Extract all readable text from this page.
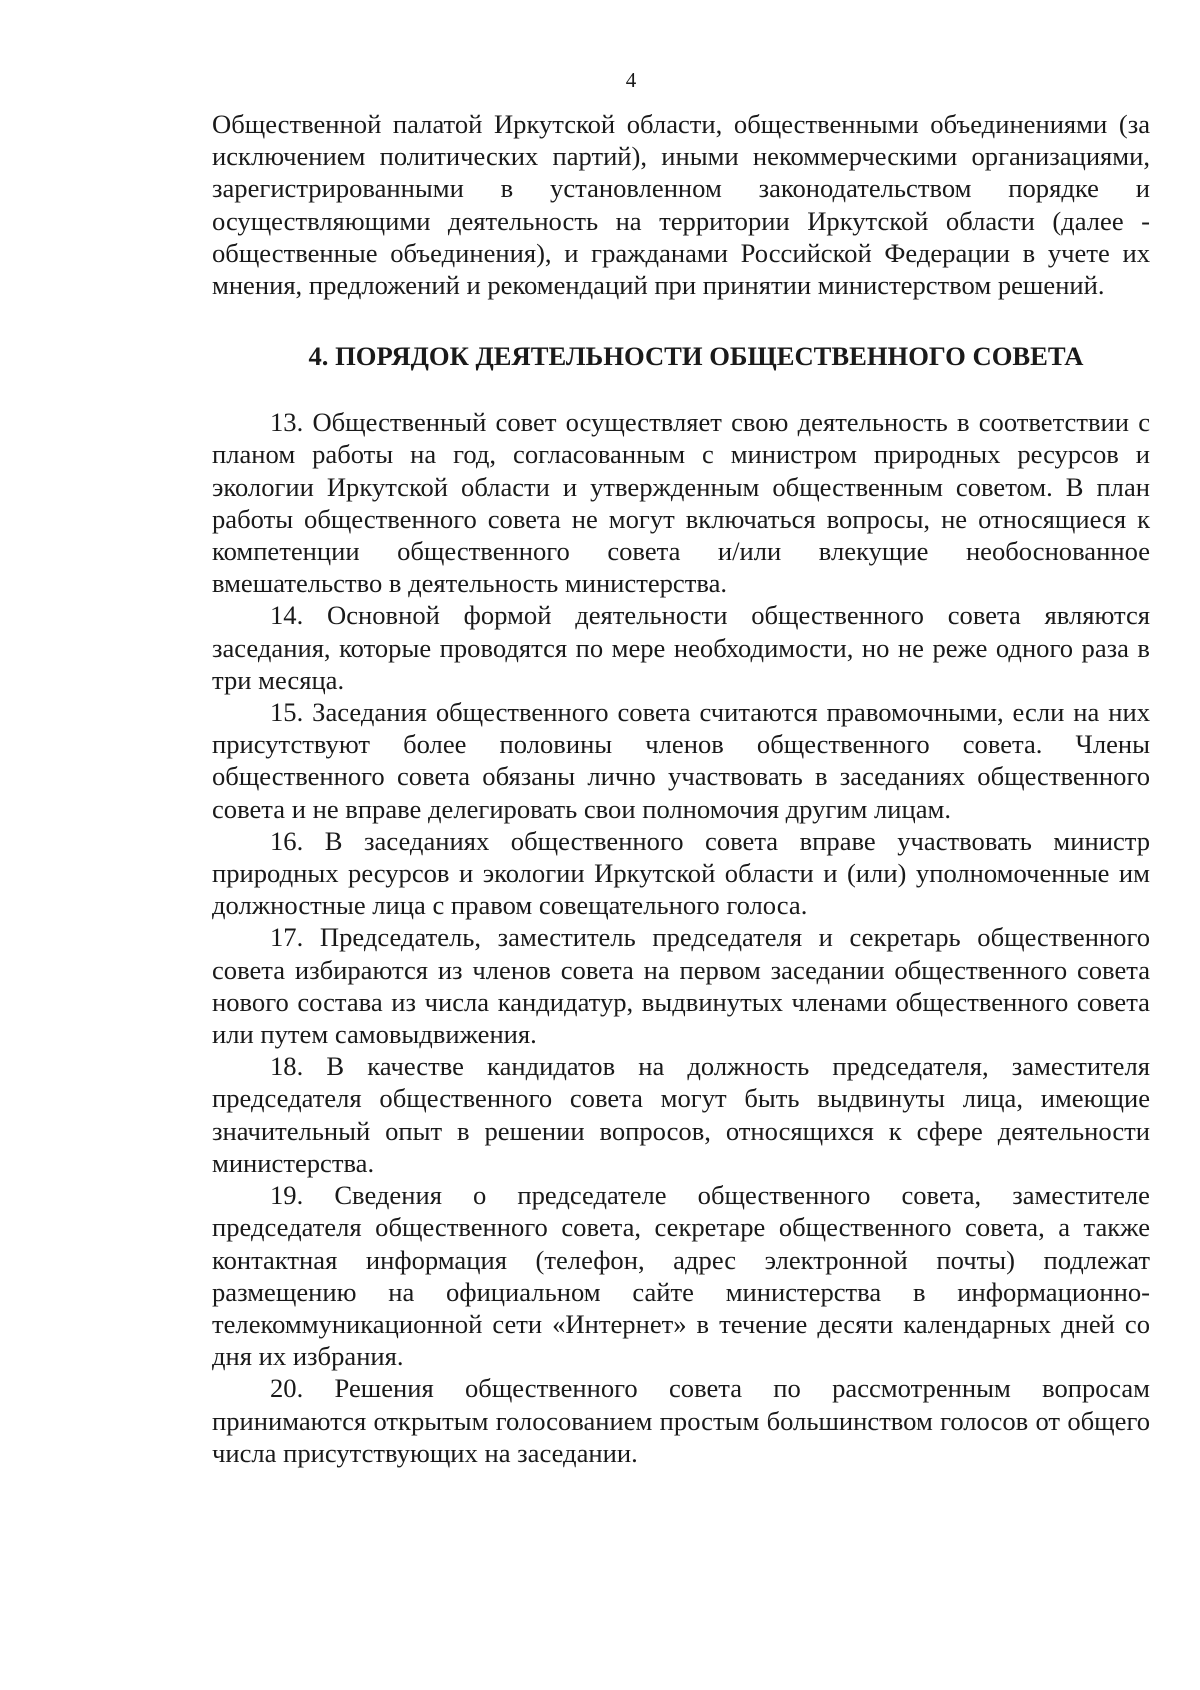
4

Общественной палатой Иркутской области, общественными объединениями (за исключением политических партий), иными некоммерческими организациями, зарегистрированными в установленном законодательством порядке и осуществляющими деятельность на территории Иркутской области (далее - общественные объединения), и гражданами Российской Федерации в учете их мнения, предложений и рекомендаций при принятии министерством решений.

4. ПОРЯДОК ДЕЯТЕЛЬНОСТИ ОБЩЕСТВЕННОГО СОВЕТА

13. Общественный совет осуществляет свою деятельность в соответствии с планом работы на год, согласованным с министром природных ресурсов и экологии Иркутской области и утвержденным общественным советом. В план работы общественного совета не могут включаться вопросы, не относящиеся к компетенции общественного совета и/или влекущие необоснованное вмешательство в деятельность министерства.

14. Основной формой деятельности общественного совета являются заседания, которые проводятся по мере необходимости, но не реже одного раза в три месяца.

15. Заседания общественного совета считаются правомочными, если на них присутствуют более половины членов общественного совета. Члены общественного совета обязаны лично участвовать в заседаниях общественного совета и не вправе делегировать свои полномочия другим лицам.

16. В заседаниях общественного совета вправе участвовать министр природных ресурсов и экологии Иркутской области и (или) уполномоченные им должностные лица с правом совещательного голоса.

17. Председатель, заместитель председателя и секретарь общественного совета избираются из членов совета на первом заседании общественного совета нового состава из числа кандидатур, выдвинутых членами общественного совета или путем самовыдвижения.

18. В качестве кандидатов на должность председателя, заместителя председателя общественного совета могут быть выдвинуты лица, имеющие значительный опыт в решении вопросов, относящихся к сфере деятельности министерства.

19. Сведения о председателе общественного совета, заместителе председателя общественного совета, секретаре общественного совета, а также контактная информация (телефон, адрес электронной почты) подлежат размещению на официальном сайте министерства в информационно-телекоммуникационной сети «Интернет» в течение десяти календарных дней со дня их избрания.

20. Решения общественного совета по рассмотренным вопросам принимаются открытым голосованием простым большинством голосов от общего числа присутствующих на заседании.
